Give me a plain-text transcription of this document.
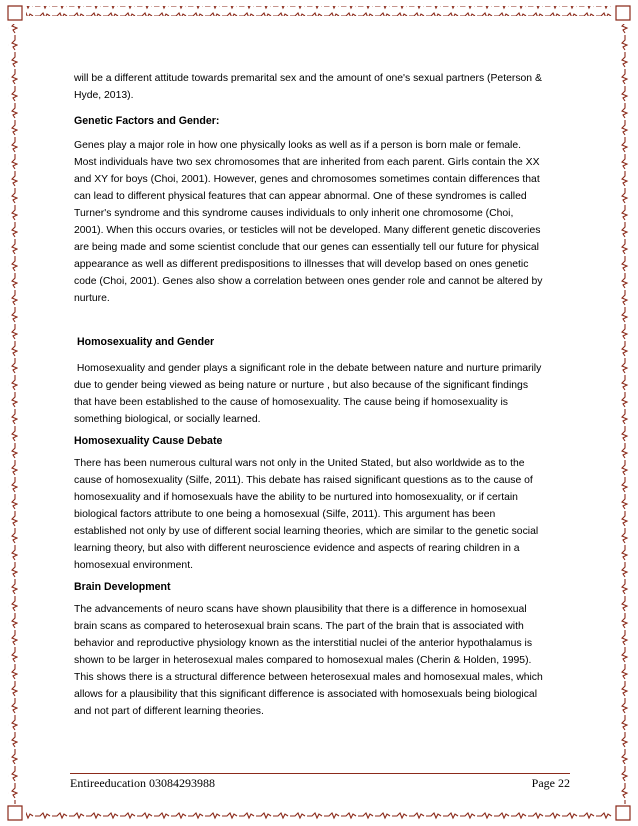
will be a different attitude towards premarital sex and the amount of one's sexual partners (Peterson & Hyde, 2013).

Genetic Factors and Gender:

Genes play a major role in how one physically looks as well as if a person is born male or female. Most individuals have two sex chromosomes that are inherited from each parent. Girls contain the XX and XY for boys (Choi, 2001). However, genes and chromosomes sometimes contain differences that can lead to different physical features that can appear abnormal. One of these syndromes is called Turner's syndrome and this syndrome causes individuals to only inherit one chromosome (Choi, 2001). When this occurs ovaries, or testicles will not be developed. Many different genetic discoveries are being made and some scientist conclude that our genes can essentially tell our future for physical appearance as well as different predispositions to illnesses that will develop based on ones genetic code (Choi, 2001). Genes also show a correlation between ones gender role and cannot be altered by nurture.

Homosexuality and Gender

Homosexuality and gender plays a significant role in the debate between nature and nurture primarily due to gender being viewed as being nature or nurture , but also because of the significant findings that have been established to the cause of homosexuality. The cause being if homosexuality is something biological, or socially learned.

Homosexuality Cause Debate

There has been numerous cultural wars not only in the United Stated, but also worldwide as to the cause of homosexuality (Silfe, 2011). This debate has raised significant questions as to the cause of homosexuality and if homosexuals have the ability to be nurtured into homosexuality, or if certain biological factors attribute to one being a homosexual (Silfe, 2011). This argument has been established not only by use of different social learning theories, which are similar to the genetic social learning theory, but also with different neuroscience evidence and aspects of rearing children in a homosexual environment.

Brain Development

The advancements of neuro scans have shown plausibility that there is a difference in homosexual brain scans as compared to heterosexual brain scans. The part of the brain that is associated with behavior and reproductive physiology known as the interstitial nuclei of the anterior hypothalamus is shown to be larger in heterosexual males compared to homosexual males (Cherin & Holden, 1995). This shows there is a structural difference between heterosexual males and homosexual males, which allows for a plausibility that this significant difference is associated with homosexuals being biological and not part of different learning theories.

Entireeducation 03084293988	Page 22
